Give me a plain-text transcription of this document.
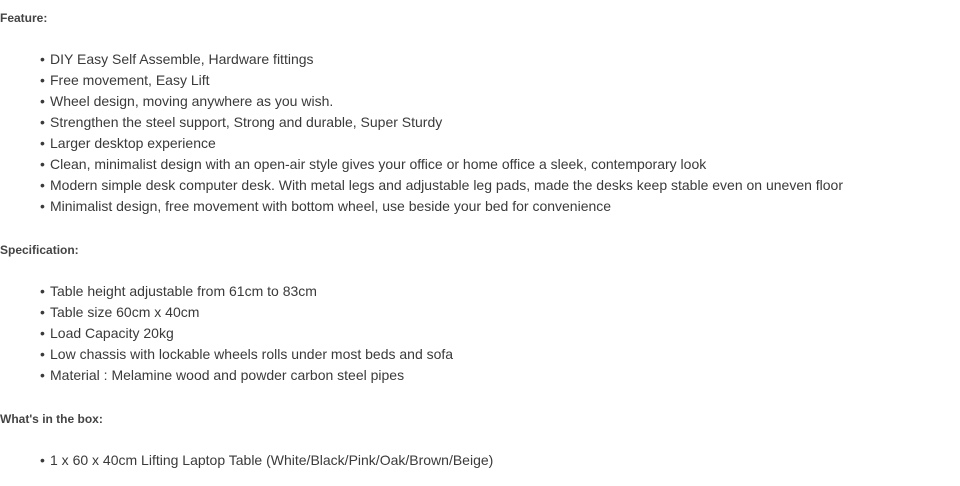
Feature:
• DIY Easy Self Assemble, Hardware fittings
• Free movement, Easy Lift
• Wheel design, moving anywhere as you wish.
• Strengthen the steel support, Strong and durable, Super Sturdy
• Larger desktop experience
• Clean, minimalist design with an open-air style gives your office or home office a sleek, contemporary look
• Modern simple desk computer desk. With metal legs and adjustable leg pads, made the desks keep stable even on uneven floor
• Minimalist design, free movement with bottom wheel, use beside your bed for convenience
Specification:
• Table height adjustable from 61cm to 83cm
• Table size 60cm x 40cm
• Load Capacity 20kg
• Low chassis with lockable wheels rolls under most beds and sofa
• Material : Melamine wood and powder carbon steel pipes
What's in the box:
• 1 x 60 x 40cm Lifting Laptop Table (White/Black/Pink/Oak/Brown/Beige)
